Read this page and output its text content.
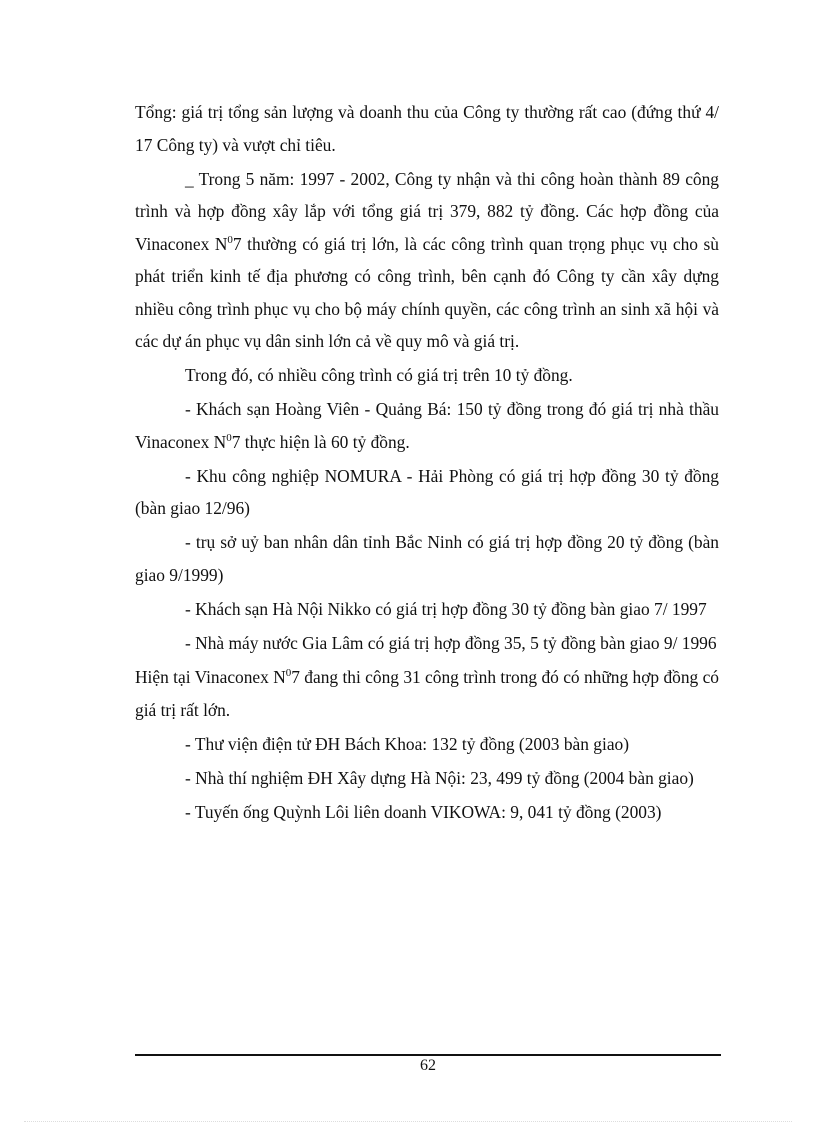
Tổng: giá trị tổng sản lượng và doanh thu của Công ty thường rất cao (đứng thứ 4/ 17 Công ty) và vượt chỉ tiêu.

_ Trong 5 năm: 1997 - 2002, Công ty nhận và thi công hoàn thành 89 công trình và hợp đồng xây lắp với tổng giá trị 379, 882 tỷ đồng. Các hợp đồng của Vinaconex $N^07$ thường có giá trị lớn, là các công trình quan trọng phục vụ cho sù phát triển kinh tế địa phương có công trình, bên cạnh đó Công ty cần xây dựng nhiều công trình phục vụ cho bộ máy chính quyền, các công trình an sinh xã hội và các dự án phục vụ dân sinh lớn cả về quy mô và giá trị.

Trong đó, có nhiều công trình có giá trị trên 10 tỷ đồng.

- Khách sạn Hoàng Viên - Quảng Bá: 150 tỷ đồng trong đó giá trị nhà thầu Vinaconex $N^07$ thực hiện là 60 tỷ đồng.

- Khu công nghiệp NOMURA - Hải Phòng có giá trị hợp đồng 30 tỷ đồng (bàn giao 12/96)

- trụ sở uỷ ban nhân dân tỉnh Bắc Ninh có giá trị hợp đồng 20 tỷ đồng (bàn giao 9/1999)

- Khách sạn Hà Nội Nikko có giá trị hợp đồng 30 tỷ đồng bàn giao 7/ 1997

- Nhà máy nước Gia Lâm có giá trị hợp đồng 35, 5 tỷ đồng bàn giao 9/ 1996

Hiện tại Vinaconex $N^07$ đang thi công 31 công trình trong đó có những hợp đồng có giá trị rất lớn.

- Thư viện điện tử ĐH Bách Khoa: 132 tỷ đồng (2003 bàn giao)

- Nhà thí nghiệm ĐH Xây dựng Hà Nội: 23, 499 tỷ đồng (2004 bàn giao)

- Tuyến ống Quỳnh Lôi liên doanh VIKOWA: 9, 041 tỷ đồng (2003)

62
